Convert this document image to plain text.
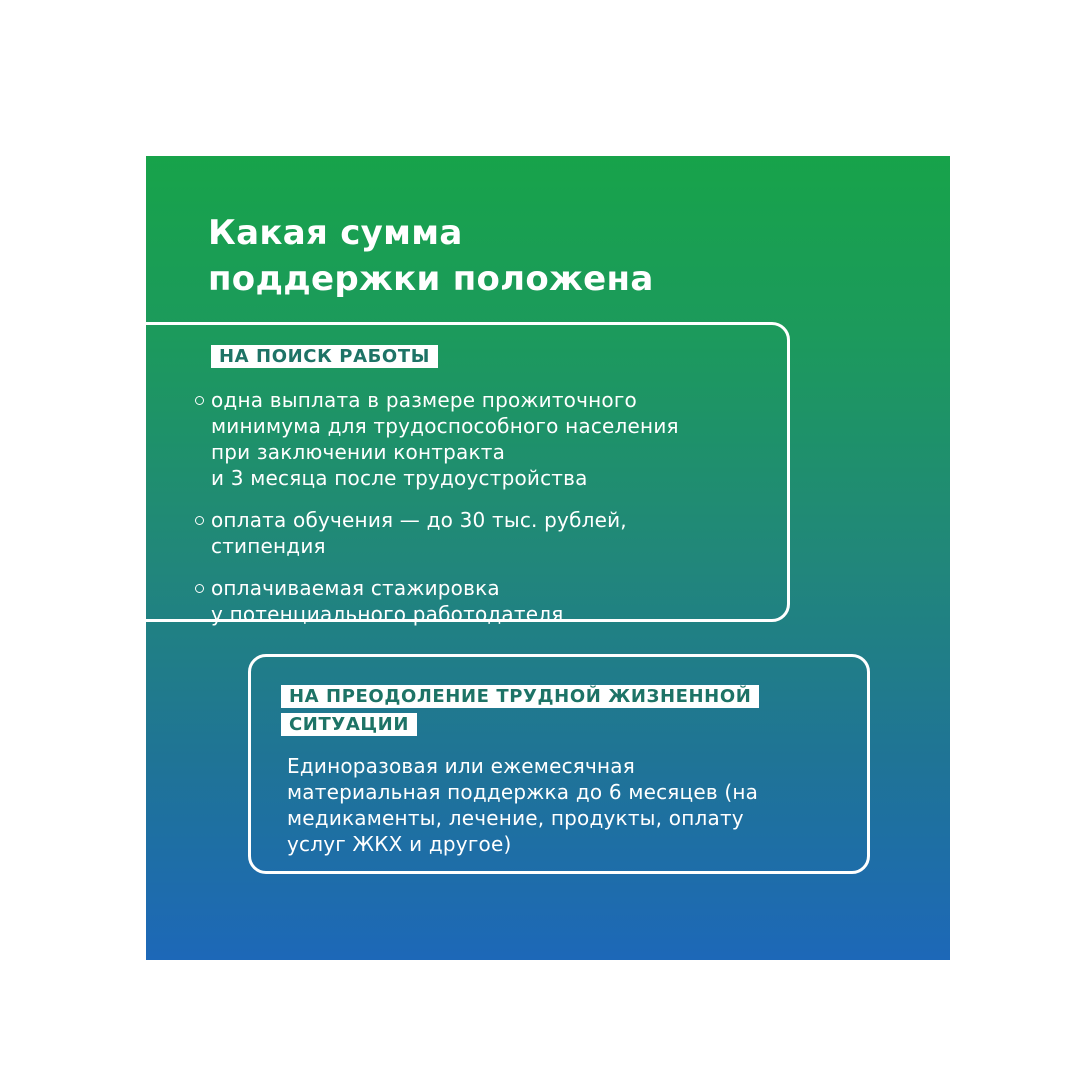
Какая сумма
поддержки положена
НА ПОИСК РАБОТЫ
одна выплата в размере прожиточного
минимума для трудоспособного населения
при заключении контракта
и 3 месяца после трудоустройства
оплата обучения — до 30 тыс. рублей,
стипендия
оплачиваемая стажировка
у потенциального работодателя
НА ПРЕОДОЛЕНИЕ ТРУДНОЙ ЖИЗНЕННОЙ СИТУАЦИИ

Единоразовая или ежемесячная
материальная поддержка до 6 месяцев (на
медикаменты, лечение, продукты, оплату
услуг ЖКХ и другое)
